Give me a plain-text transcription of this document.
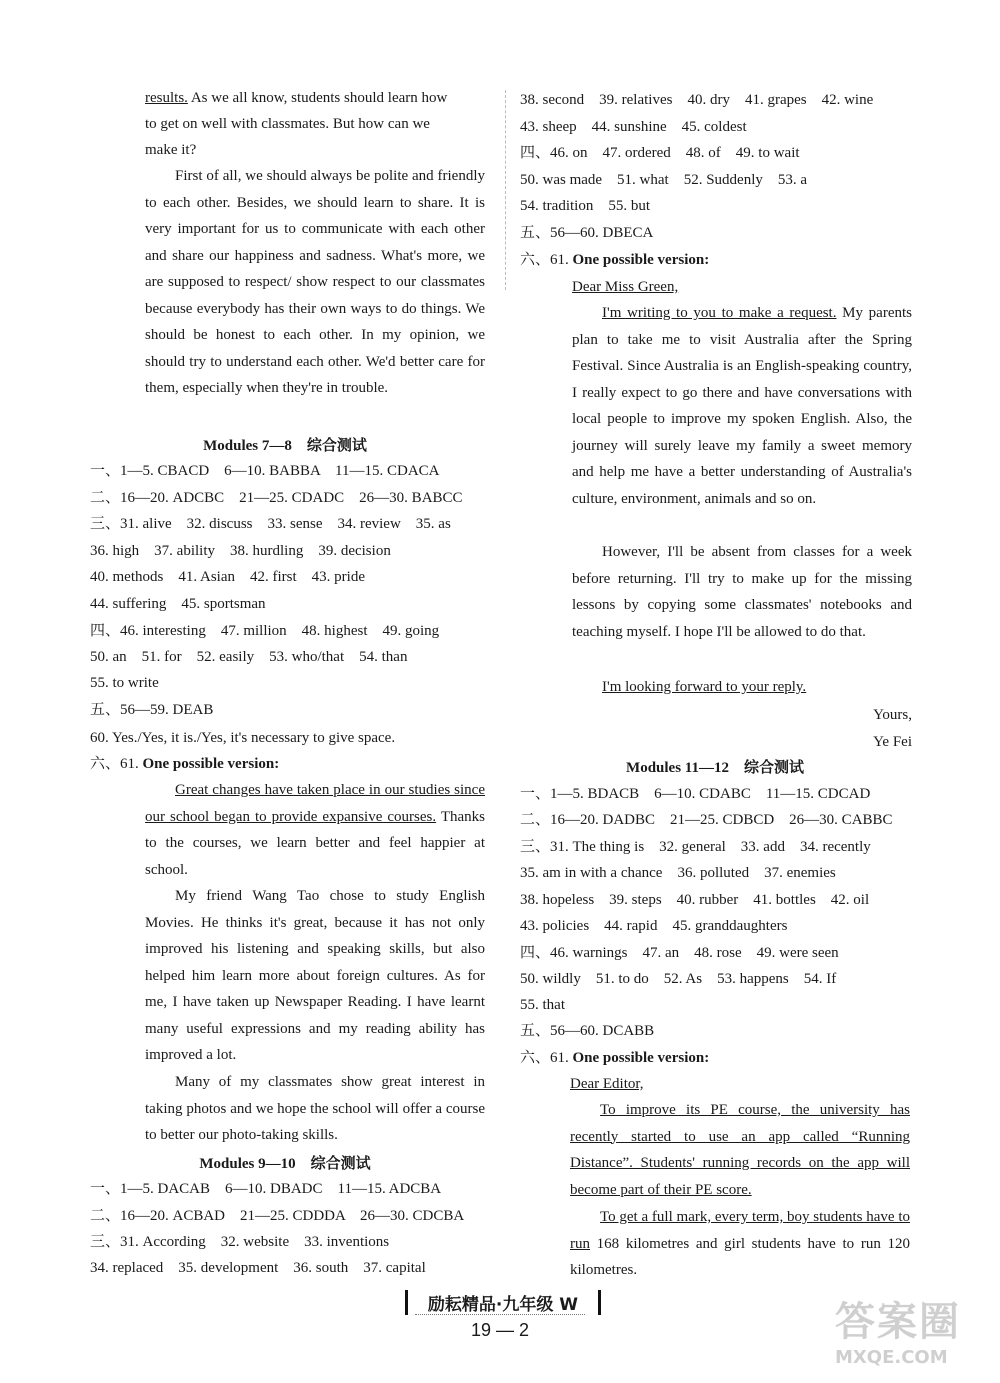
results. As we all know, students should learn how
to get on well with classmates. But how can we
make it?
First of all, we should always be polite and friendly to each other. Besides, we should learn to share. It is very important for us to communicate with each other and share our happiness and sadness. What's more, we are supposed to respect/ show respect to our classmates because everybody has their own ways to do things. We should be honest to each other. In my opinion, we should try to understand each other. We'd better care for them, especially when they're in trouble.
Modules 7—8　综合测试
一、1—5. CBACD　6—10. BABBA　11—15. CDACA
二、16—20. ADCBC　21—25. CDADC　26—30. BABCC
三、31. alive　32. discuss　33. sense　34. review　35. as
36. high　37. ability　38. hurdling　39. decision
40. methods　41. Asian　42. first　43. pride
44. suffering　45. sportsman
四、46. interesting　47. million　48. highest　49. going
50. an　51. for　52. easily　53. who/that　54. than
55. to write
五、56—59. DEAB
60. Yes./Yes, it is./Yes, it's necessary to give space.
六、61. One possible version:
Great changes have taken place in our studies since our school began to provide expansive courses. Thanks to the courses, we learn better and feel happier at school.
My friend Wang Tao chose to study English Movies. He thinks it's great, because it has not only improved his listening and speaking skills, but also helped him learn more about foreign cultures. As for me, I have taken up Newspaper Reading. I have learnt many useful expressions and my reading ability has improved a lot.
Many of my classmates show great interest in taking photos and we hope the school will offer a course to better our photo-taking skills.
Modules 9—10　综合测试
一、1—5. DACAB　6—10. DBADC　11—15. ADCBA
二、16—20. ACBAD　21—25. CDDDA　26—30. CDCBA
三、31. According　32. website　33. inventions
34. replaced　35. development　36. south　37. capital
38. second　39. relatives　40. dry　41. grapes　42. wine
43. sheep　44. sunshine　45. coldest
四、46. on　47. ordered　48. of　49. to wait
50. was made　51. what　52. Suddenly　53. a
54. tradition　55. but
五、56—60. DBECA
六、61. One possible version:
Dear Miss Green,
I'm writing to you to make a request. My parents plan to take me to visit Australia after the Spring Festival. Since Australia is an English-speaking country, I really expect to go there and have conversations with local people to improve my spoken English. Also, the journey will surely leave my family a sweet memory and help me have a better understanding of Australia's culture, environment, animals and so on.
However, I'll be absent from classes for a week before returning. I'll try to make up for the missing lessons by copying some classmates' notebooks and teaching myself. I hope I'll be allowed to do that.
I'm looking forward to your reply.
Yours,
Ye Fei
Modules 11—12　综合测试
一、1—5. BDACB　6—10. CDABC　11—15. CDCAD
二、16—20. DADBC　21—25. CDBCD　26—30. CABBC
三、31. The thing is　32. general　33. add　34. recently
35. am in with a chance　36. polluted　37. enemies
38. hopeless　39. steps　40. rubber　41. bottles　42. oil
43. policies　44. rapid　45. granddaughters
四、46. warnings　47. an　48. rose　49. were seen
50. wildly　51. to do　52. As　53. happens　54. If
55. that
五、56—60. DCABB
六、61. One possible version:
Dear Editor,
To improve its PE course, the university has recently started to use an app called “Running Distance”. Students' running records on the app will become part of their PE score.
To get a full mark, every term, boy students have to run 168 kilometres and girl students have to run 120 kilometres.
励耘精品·九年级 W
19 — 2	答案圈
MXQE.COM
